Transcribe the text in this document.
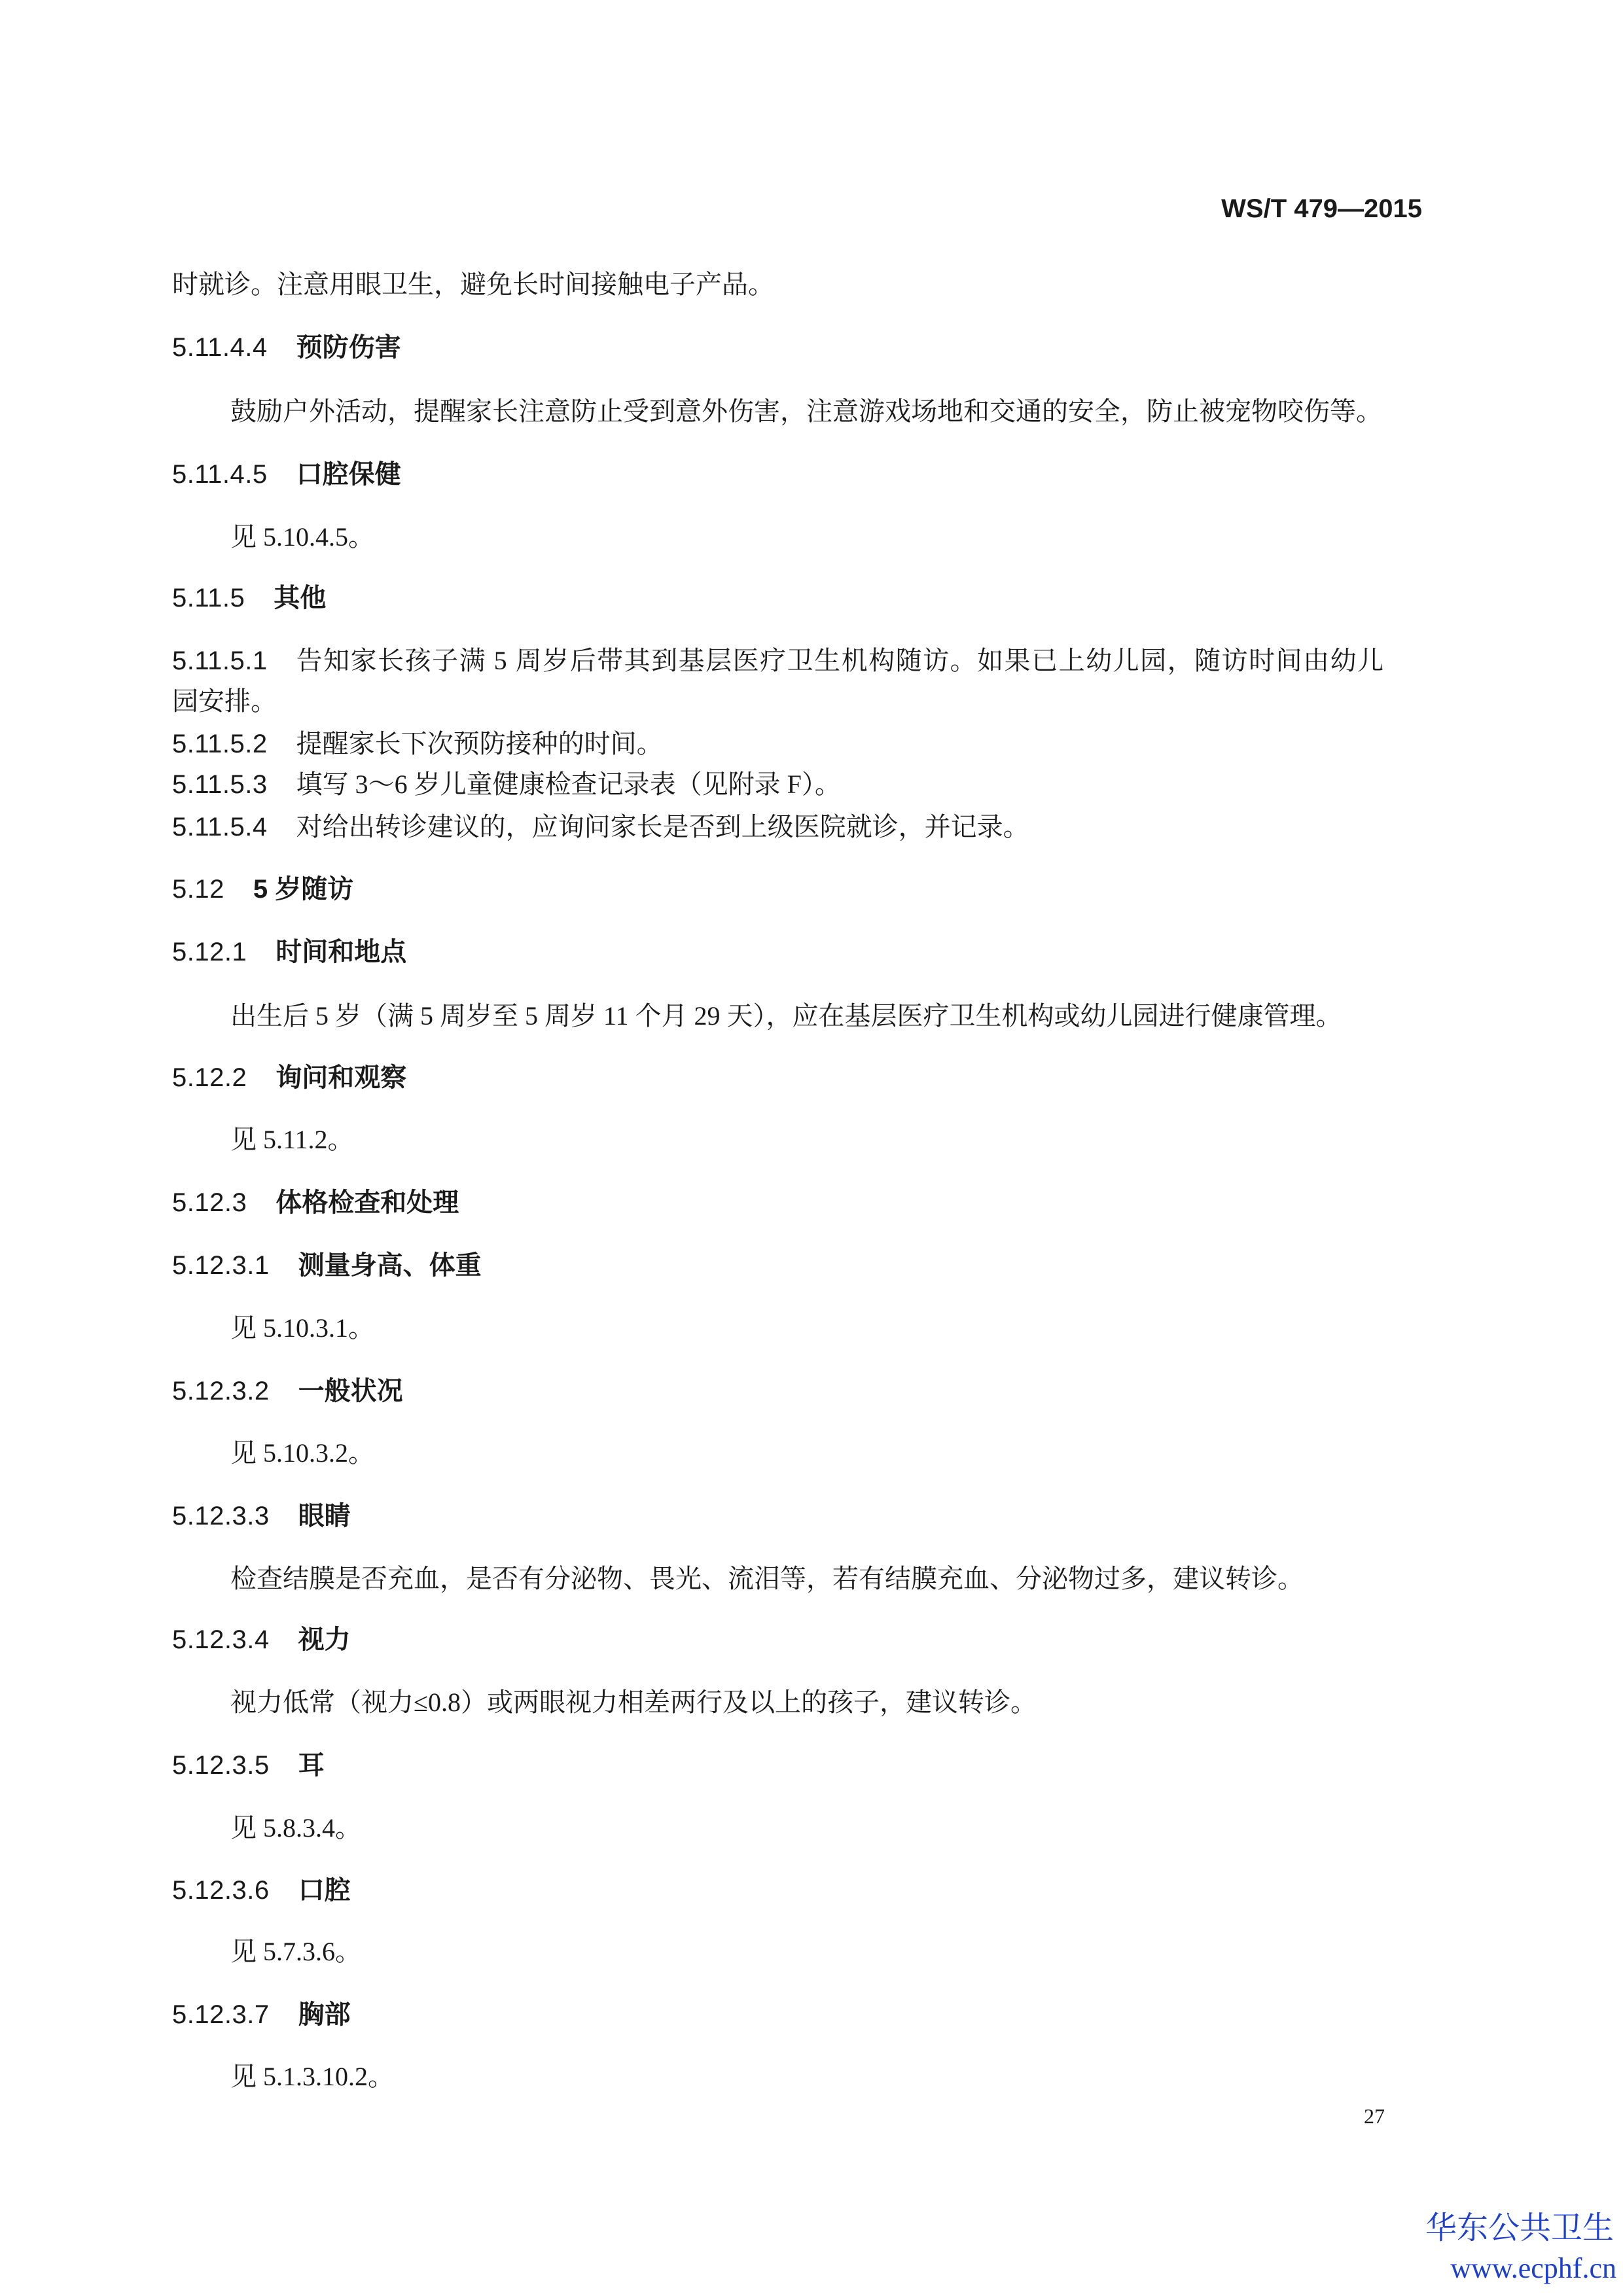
WS/T 479—2015
时就诊。注意用眼卫生，避免长时间接触电子产品。
5.11.4.4 预防伤害
鼓励户外活动，提醒家长注意防止受到意外伤害，注意游戏场地和交通的安全，防止被宠物咬伤等。
5.11.4.5 口腔保健
见 5.10.4.5。
5.11.5 其他
5.11.5.1 告知家长孩子满 5 周岁后带其到基层医疗卫生机构随访。如果已上幼儿园，随访时间由幼儿
园安排。
5.11.5.2 提醒家长下次预防接种的时间。
5.11.5.3 填写 3～6 岁儿童健康检查记录表（见附录 F）。
5.11.5.4 对给出转诊建议的，应询问家长是否到上级医院就诊，并记录。
5.12 5 岁随访
5.12.1 时间和地点
出生后 5 岁（满 5 周岁至 5 周岁 11 个月 29 天），应在基层医疗卫生机构或幼儿园进行健康管理。
5.12.2 询问和观察
见 5.11.2。
5.12.3 体格检查和处理
5.12.3.1 测量身高、体重
见 5.10.3.1。
5.12.3.2 一般状况
见 5.10.3.2。
5.12.3.3 眼睛
检查结膜是否充血，是否有分泌物、畏光、流泪等，若有结膜充血、分泌物过多，建议转诊。
5.12.3.4 视力
视力低常（视力≤0.8）或两眼视力相差两行及以上的孩子，建议转诊。
5.12.3.5 耳
见 5.8.3.4。
5.12.3.6 口腔
见 5.7.3.6。
5.12.3.7 胸部
见 5.1.3.10.2。
27
华东公共卫生
www.ecphf.cn
